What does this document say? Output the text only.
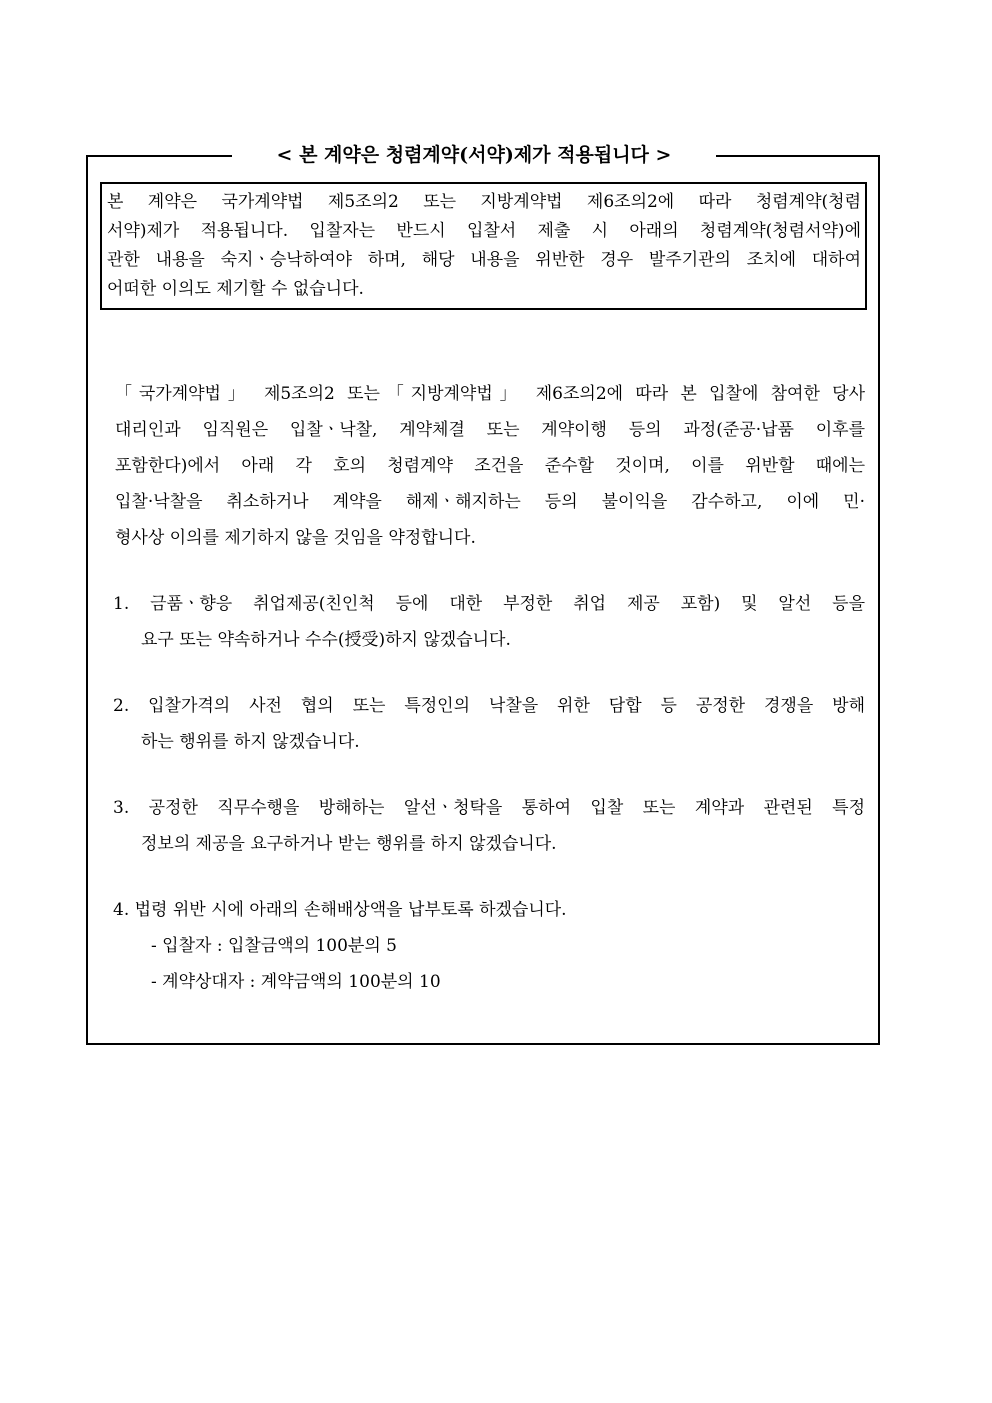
< 본 계약은 청렴계약(서약)제가 적용됩니다 >
본 계약은 국가계약법 제5조의2 또는 지방계약법 제6조의2에 따라 청렴계약(청렴
서약)제가 적용됩니다. 입찰자는 반드시 입찰서 제출 시 아래의 청렴계약(청렴서약)에
관한 내용을 숙지ㆍ승낙하여야 하며, 해당 내용을 위반한 경우 발주기관의 조치에 대하여
어떠한 이의도 제기할 수 없습니다.
「국가계약법」 제5조의2 또는「지방계약법」 제6조의2에 따라 본 입찰에 참여한 당사
대리인과 임직원은 입찰ㆍ낙찰, 계약체결 또는 계약이행 등의 과정(준공·납품 이후를
포함한다)에서 아래 각 호의 청렴계약 조건을 준수할 것이며, 이를 위반할 때에는
입찰·낙찰을 취소하거나 계약을 해제ㆍ해지하는 등의 불이익을 감수하고, 이에 민·
형사상 이의를 제기하지 않을 것임을 약정합니다.
1. 금품ㆍ향응 취업제공(친인척 등에 대한 부정한 취업 제공 포함) 및 알선 등을
요구 또는 약속하거나 수수(授受)하지 않겠습니다.
2. 입찰가격의 사전 협의 또는 특정인의 낙찰을 위한 담합 등 공정한 경쟁을 방해
하는 행위를 하지 않겠습니다.
3. 공정한 직무수행을 방해하는 알선ㆍ청탁을 통하여 입찰 또는 계약과 관련된 특정
정보의 제공을 요구하거나 받는 행위를 하지 않겠습니다.
4. 법령 위반 시에 아래의 손해배상액을 납부토록 하겠습니다.
- 입찰자 : 입찰금액의 100분의 5
- 계약상대자 : 계약금액의 100분의 10
